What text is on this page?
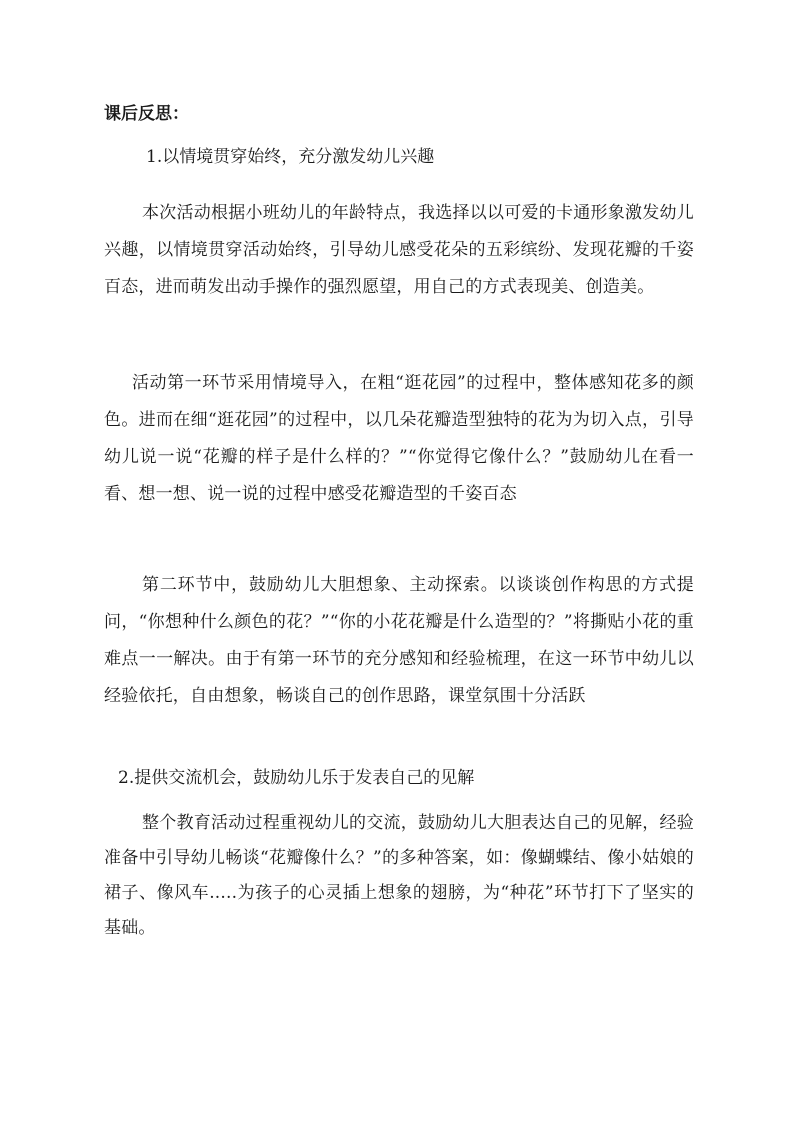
课后反思：
1.以情境贯穿始终，充分激发幼儿兴趣
本次活动根据小班幼儿的年龄特点，我选择以以可爱的卡通形象激发幼儿兴趣，以情境贯穿活动始终，引导幼儿感受花朵的五彩缤纷、发现花瓣的千姿百态，进而萌发出动手操作的强烈愿望，用自己的方式表现美、创造美。
活动第一环节采用情境导入，在粗“逛花园”的过程中，整体感知花多的颜色。进而在细“逛花园”的过程中，以几朵花瓣造型独特的花为为切入点，引导幼儿说一说“花瓣的样子是什么样的？”“你觉得它像什么？”鼓励幼儿在看一看、想一想、说一说的过程中感受花瓣造型的千姿百态
第二环节中，鼓励幼儿大胆想象、主动探索。以谈谈创作构思的方式提问，“你想种什么颜色的花？”“你的小花花瓣是什么造型的？”将撕贴小花的重难点一一解决。由于有第一环节的充分感知和经验梳理，在这一环节中幼儿以经验依托，自由想象，畅谈自己的创作思路，课堂氛围十分活跃
2.提供交流机会，鼓励幼儿乐于发表自己的见解
整个教育活动过程重视幼儿的交流，鼓励幼儿大胆表达自己的见解，经验准备中引导幼儿畅谈“花瓣像什么？”的多种答案，如：像蝴蝶结、像小姑娘的裙子、像风车.....为孩子的心灵插上想象的翅膀，为“种花”环节打下了坚实的基础。
